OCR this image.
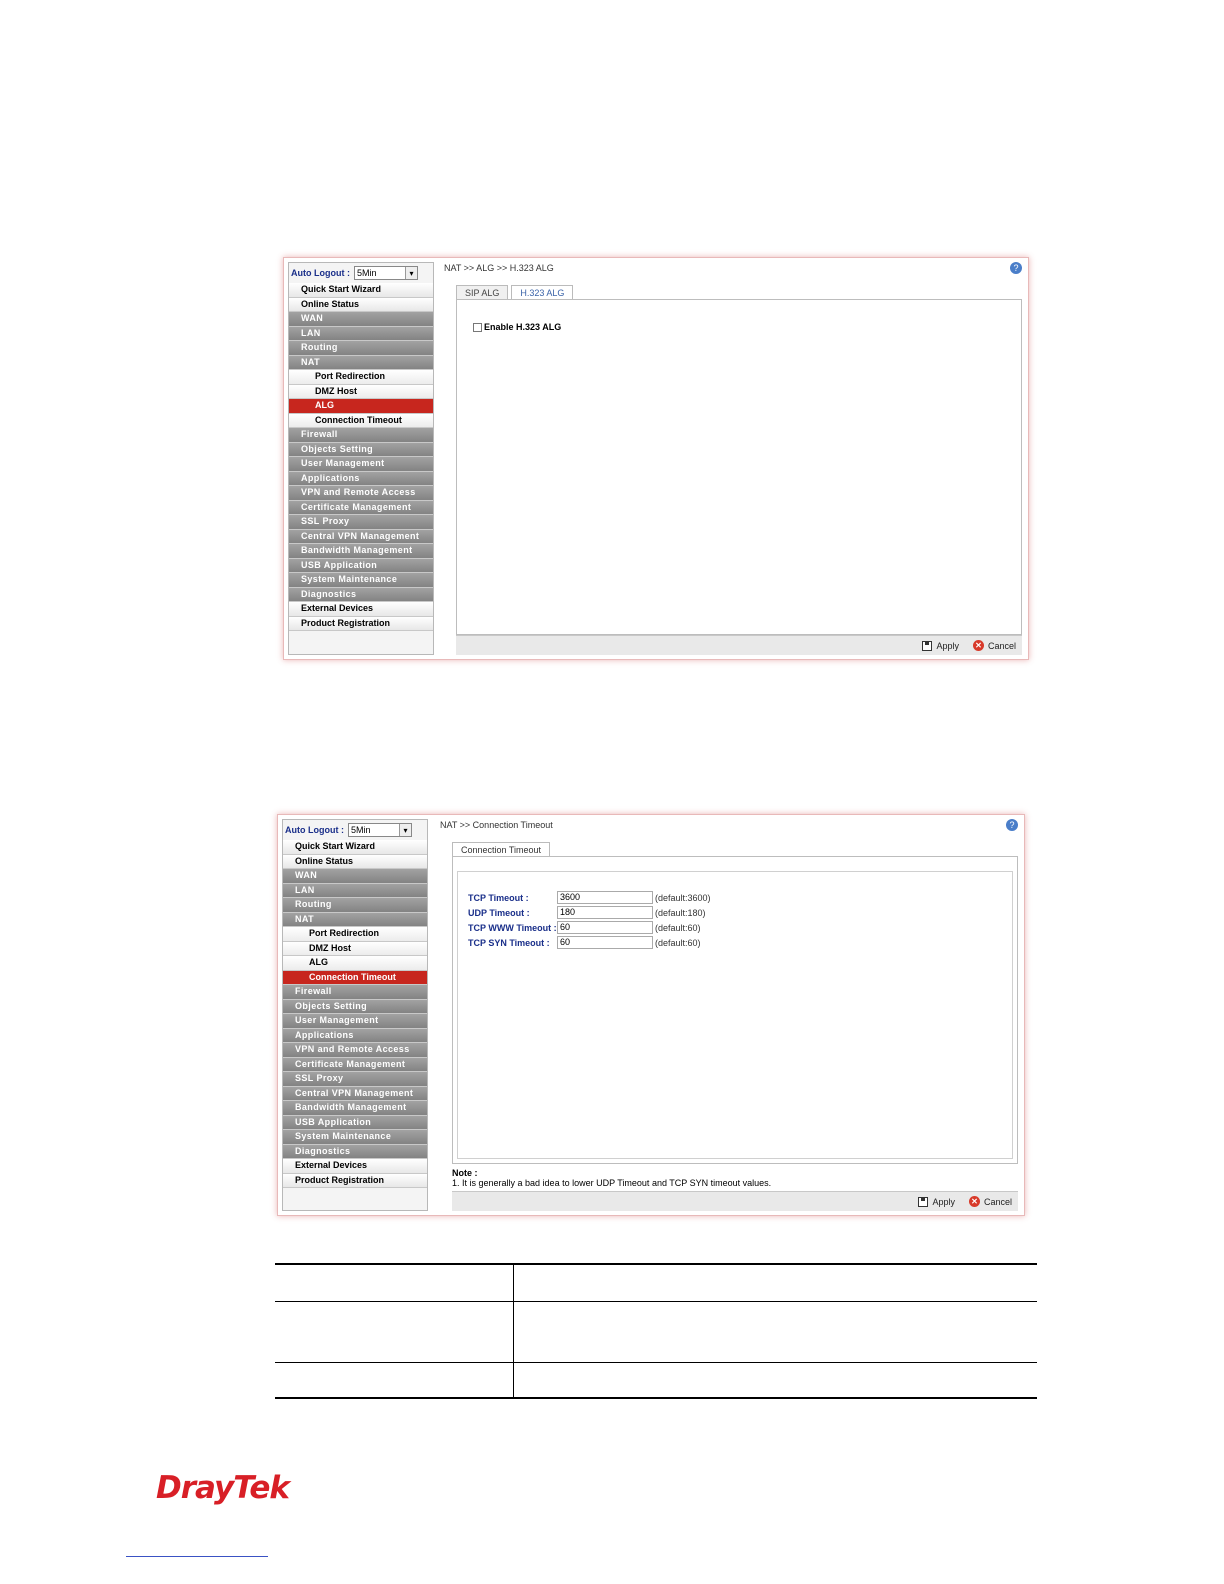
Auto Logout : 5Min	▾
Quick Start Wizard
Online Status
WAN
LAN
Routing
NAT
Port Redirection
DMZ Host
ALG
Connection Timeout
Firewall
Objects Setting
User Management
Applications
VPN and Remote Access
Certificate Management
SSL Proxy
Central VPN Management
Bandwidth Management
USB Application
System Maintenance
Diagnostics
External Devices
Product Registration
NAT >> ALG >> H.323 ALG	?
SIP ALG	H.323 ALG
Enable H.323 ALG
Apply ✕ Cancel
Auto Logout : 5Min	▾
Quick Start Wizard
Online Status
WAN
LAN
Routing
NAT
Port Redirection
DMZ Host
ALG
Connection Timeout
Firewall
Objects Setting
User Management
Applications
VPN and Remote Access
Certificate Management
SSL Proxy
Central VPN Management
Bandwidth Management
USB Application
System Maintenance
Diagnostics
External Devices
Product Registration
NAT >> Connection Timeout	?
Connection Timeout
TCP Timeout :	3600	(default:3600)
UDP Timeout :	180	(default:180)
TCP WWW Timeout : 60	(default:60)
TCP SYN Timeout :	60	(default:60)
Note :
1. It is generally a bad idea to lower UDP Timeout and TCP SYN timeout values.
Apply ✕ Cancel

DrayTek
